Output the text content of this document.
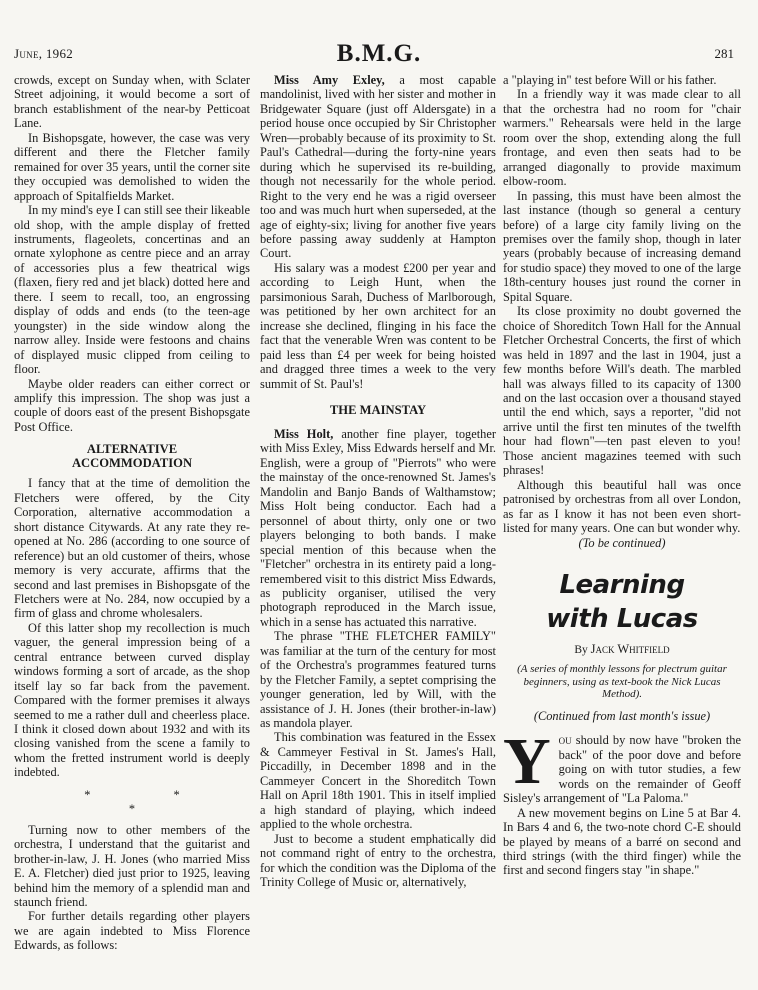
June, 1962	B.M.G.	281

crowds, except on Sunday when, with Sclater Street adjoining, it would become a sort of branch establishment of the near-by Petticoat Lane.

In Bishopsgate, however, the case was very different and there the Fletcher family remained for over 35 years, until the corner site they occupied was demolished to widen the approach of Spitalfields Market.

In my mind's eye I can still see their likeable old shop, with the ample display of fretted instruments, flageolets, concertinas and an ornate xylophone as centre piece and an array of accessories plus a few theatrical wigs (flaxen, fiery red and jet black) dotted here and there. I seem to recall, too, an engrossing display of odds and ends (to the teen-age youngster) in the side window along the narrow alley. Inside were festoons and chains of displayed music clipped from ceiling to floor.

Maybe older readers can either correct or amplify this impression. The shop was just a couple of doors east of the present Bishopsgate Post Office.

ALTERNATIVE
ACCOMMODATION

I fancy that at the time of demolition the Fletchers were offered, by the City Corporation, alternative accommodation a short distance Citywards. At any rate they re-opened at No. 286 (according to one source of reference) but an old customer of theirs, whose memory is very accurate, affirms that the second and last premises in Bishopsgate of the Fletchers were at No. 284, now occupied by a firm of glass and chrome wholesalers.

Of this latter shop my recollection is much vaguer, the general impression being of a central entrance between curved display windows forming a sort of arcade, as the shop itself lay so far back from the pavement. Compared with the former premises it always seemed to me a rather dull and cheerless place. I think it closed down about 1932 and with its closing vanished from the scene a family to whom the fretted instrument world is deeply indebted.

* * *

Turning now to other members of the orchestra, I understand that the guitarist and brother-in-law, J. H. Jones (who married Miss E. A. Fletcher) died just prior to 1925, leaving behind him the memory of a splendid man and staunch friend.

For further details regarding other players we are again indebted to Miss Florence Edwards, as follows:

Miss Amy Exley, a most capable mandolinist, lived with her sister and mother in Bridgewater Square (just off Aldersgate) in a period house once occupied by Sir Christopher Wren—probably because of its proximity to St. Paul's Cathedral—during the forty-nine years during which he supervised its re-building, though not necessarily for the whole period. Right to the very end he was a rigid overseer too and was much hurt when superseded, at the age of eighty-six; living for another five years before passing away suddenly at Hampton Court.

His salary was a modest £200 per year and according to Leigh Hunt, when the parsimonious Sarah, Duchess of Marlborough, was petitioned by her own architect for an increase she declined, flinging in his face the fact that the venerable Wren was content to be paid less than £4 per week for being hoisted and dragged three times a week to the very summit of St. Paul's!

THE MAINSTAY

Miss Holt, another fine player, together with Miss Exley, Miss Edwards herself and Mr. English, were a group of "Pierrots" who were the mainstay of the once-renowned St. James's Mandolin and Banjo Bands of Walthamstow; Miss Holt being conductor. Each had a personnel of about thirty, only one or two players belonging to both bands. I make special mention of this because when the "Fletcher" orchestra in its entirety paid a long-remembered visit to this district Miss Edwards, as publicity organiser, utilised the very photograph reproduced in the March issue, which in a sense has actuated this narrative.

The phrase "THE FLETCHER FAMILY" was familiar at the turn of the century for most of the Orchestra's programmes featured turns by the Fletcher Family, a septet comprising the younger generation, led by Will, with the assistance of J. H. Jones (their brother-in-law) as mandola player.

This combination was featured in the Essex & Cammeyer Festival in St. James's Hall, Piccadilly, in December 1898 and in the Cammeyer Concert in the Shoreditch Town Hall on April 18th 1901. This in itself implied a high standard of playing, which indeed applied to the whole orchestra.

Just to become a student emphatically did not command right of entry to the orchestra, for which the condition was the Diploma of the Trinity College of Music or, alternatively,

a "playing in" test before Will or his father.

In a friendly way it was made clear to all that the orchestra had no room for "chair warmers." Rehearsals were held in the large room over the shop, extending along the full frontage, and even then seats had to be arranged diagonally to provide maximum elbow-room.

In passing, this must have been almost the last instance (though so general a century before) of a large city family living on the premises over the family shop, though in later years (probably because of increasing demand for studio space) they moved to one of the large 18th-century houses just round the corner in Spital Square.

Its close proximity no doubt governed the choice of Shoreditch Town Hall for the Annual Fletcher Orchestral Concerts, the first of which was held in 1897 and the last in 1904, just a few months before Will's death. The marbled hall was always filled to its capacity of 1300 and on the last occasion over a thousand stayed until the end which, says a reporter, "did not arrive until the first ten minutes of the twelfth hour had flown"—ten past eleven to you! Those ancient magazines teemed with such phrases!

Although this beautiful hall was once patronised by orchestras from all over London, as far as I know it has not been even short-listed for many years. One can but wonder why.

(To be continued)

Learning
with Lucas
By Jack Whitfield
(A series of monthly lessons for plectrum guitar beginners, using as text-book the Nick Lucas Method).
(Continued from last month's issue)

You should by now have "broken the back" of the poor dove and before going on with tutor studies, a few words on the remainder of Geoff Sisley's arrangement of "La Paloma."

A new movement begins on Line 5 at Bar 4. In Bars 4 and 6, the two-note chord C-E should be played by means of a barré on second and third strings (with the third finger) while the first and second fingers stay "in shape."
